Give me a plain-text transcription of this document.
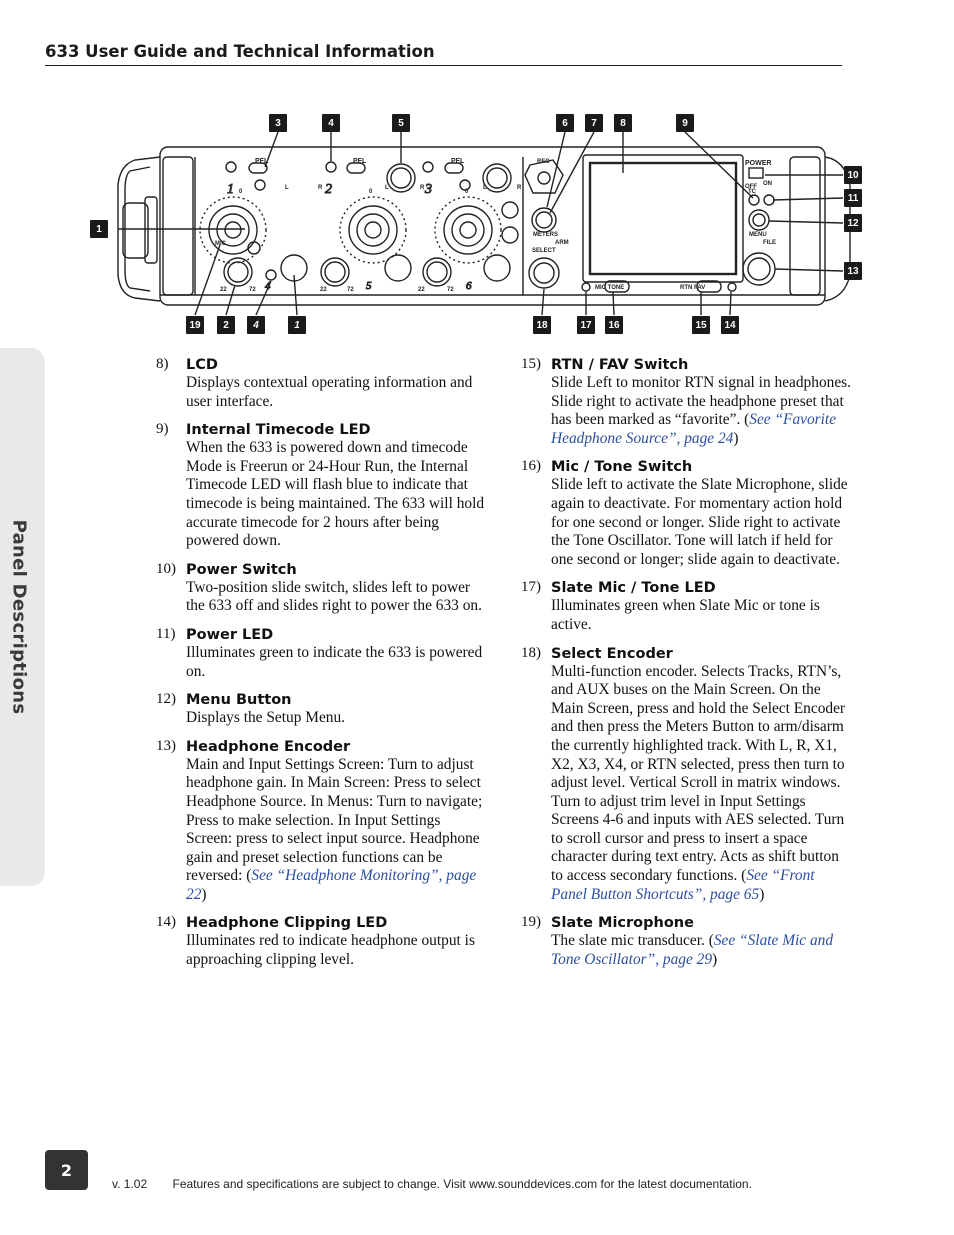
633 User Guide and Technical Information
Panel Descriptions
PFL	PFL	PFL
MIC
REC
METERS
ARM
SELECT
POWER
OFF ON
TC
MENU
FILE
MIC TONE	RTN FAV
22	72	22	72	22	72
L	R	L	R	L	R
0	0	0
1	2	3
4	5	6
3	4	5	6	7	8	9
10
11
12
13
1
19	2	4	1	18	17	16	15	14
8) LCD
Displays contextual operating information and user interface.
9) Internal Timecode LED
When the 633 is powered down and timecode Mode is Freerun or 24-Hour Run, the Internal Timecode LED will flash blue to indicate that timecode is being maintained. The 633 will hold accurate timecode for 2 hours after being powered down.
10) Power Switch
Two-position slide switch, slides left to power the 633 off and slides right to power the 633 on.
11) Power LED
Illuminates green to indicate the 633 is powered on.
12) Menu Button
Displays the Setup Menu.
13) Headphone Encoder
Main and Input Settings Screen: Turn to adjust headphone gain. In Main Screen: Press to select Headphone Source. In Menus: Turn to navigate; Press to make selection. In Input Settings Screen: press to select input source. Headphone gain and preset selection functions can be reversed: (See “Headphone Monitoring”, page 22)
14) Headphone Clipping LED
Illuminates red to indicate headphone output is approaching clipping level.
15) RTN / FAV Switch
Slide Left to monitor RTN signal in headphones. Slide right to activate the headphone preset that has been marked as “favorite”. (See “Favorite Headphone Source”, page 24)
16) Mic / Tone Switch
Slide left to activate the Slate Microphone, slide again to deactivate. For momentary action hold for one second or longer. Slide right to activate the Tone Oscillator. Tone will latch if held for one second or longer; slide again to deactivate.
17) Slate Mic / Tone LED
Illuminates green when Slate Mic or tone is active.
18) Select Encoder
Multi-function encoder. Selects Tracks, RTN’s, and AUX buses on the Main Screen. On the Main Screen, press and hold the Select Encoder and then press the Meters Button to arm/disarm the currently highlighted track. With L, R, X1, X2, X3, X4, or RTN selected, press then turn to adjust level. Vertical Scroll in matrix windows. Turn to adjust trim level in Input Settings Screens 4-6 and inputs with AES selected. Turn to scroll cursor and press to insert a space character during text entry. Acts as shift button to access secondary functions. (See “Front Panel Button Shortcuts”, page 65)
19) Slate Microphone
The slate mic transducer. (See “Slate Mic and Tone Oscillator”, page 29)
2
v. 1.02 Features and specifications are subject to change. Visit www.sounddevices.com for the latest documentation.
